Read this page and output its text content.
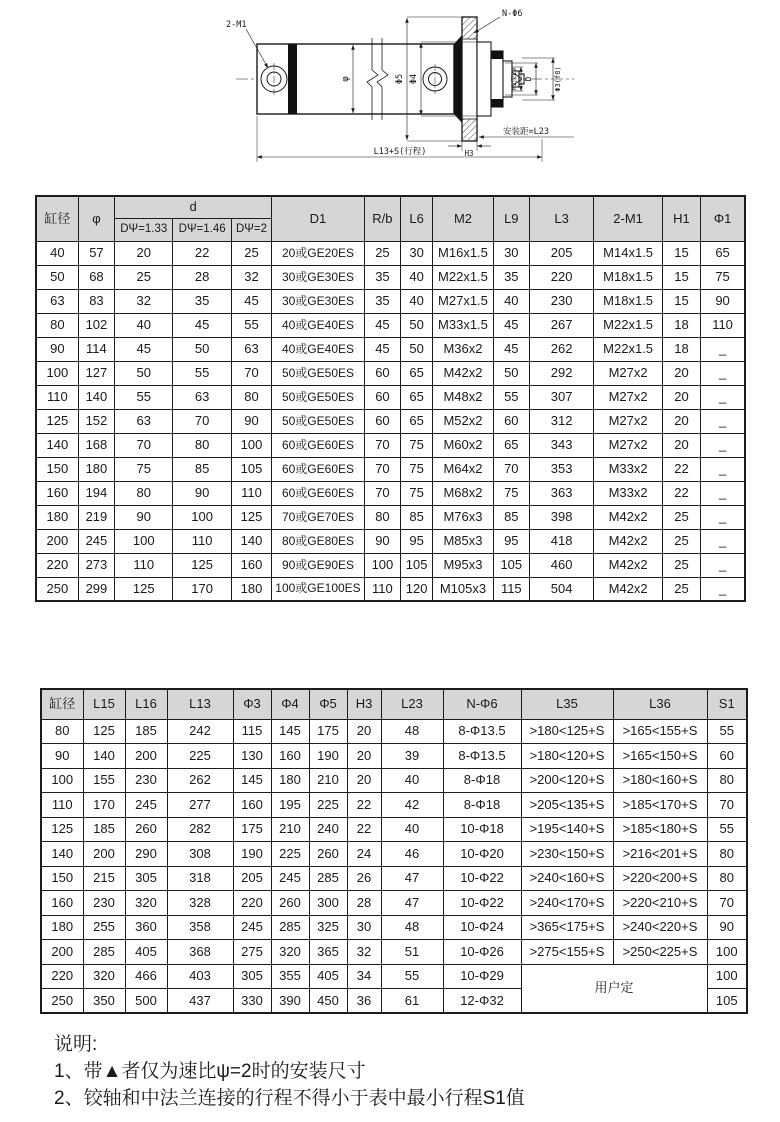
2-M1
N-Φ6
φ	Φ5 Φ4	M2深L9 D	Φ3(f8)
H3
安装距=L23
L13+S(行程)
缸径	φ	d			D1	R/b	L6	M2	L9	L3	2-M1	H1	Φ1
		DΨ=1.33	DΨ=1.46	DΨ=2									
40	57	20	22	25	20或GE20ES	25	30	M16x1.5	30	205	M14x1.5	15	65
50	68	25	28	32	30或GE30ES	35	40	M22x1.5	35	220	M18x1.5	15	75
63	83	32	35	45	30或GE30ES	35	40	M27x1.5	40	230	M18x1.5	15	90
80	102	40	45	55	40或GE40ES	45	50	M33x1.5	45	267	M22x1.5	18	110
90	114	45	50	63	40或GE40ES	45	50	M36x2	45	262	M22x1.5	18	_
100	127	50	55	70	50或GE50ES	60	65	M42x2	50	292	M27x2	20	_
110	140	55	63	80	50或GE50ES	60	65	M48x2	55	307	M27x2	20	_
125	152	63	70	90	50或GE50ES	60	65	M52x2	60	312	M27x2	20	_
140	168	70	80	100	60或GE60ES	70	75	M60x2	65	343	M27x2	20	_
150	180	75	85	105	60或GE60ES	70	75	M64x2	70	353	M33x2	22	_
160	194	80	90	110	60或GE60ES	70	75	M68x2	75	363	M33x2	22	_
180	219	90	100	125	70或GE70ES	80	85	M76x3	85	398	M42x2	25	_
200	245	100	110	140	80或GE80ES	90	95	M85x3	95	418	M42x2	25	_
220	273	110	125	160	90或GE90ES	100	105	M95x3	105	460	M42x2	25	_
250	299	125	170	180	100或GE100ES	110	120	M105x3	115	504	M42x2	25	_
缸径	L15	L16	L13	Φ3	Φ4	Φ5	H3	L23	N-Φ6	L35	L36	S1
80	125	185	242	115	145	175	20	48	8-Φ13.5	>180<125+S	>165<155+S	55
90	140	200	225	130	160	190	20	39	8-Φ13.5	>180<120+S	>165<150+S	60
100	155	230	262	145	180	210	20	40	8-Φ18	>200<120+S	>180<160+S	80
110	170	245	277	160	195	225	22	42	8-Φ18	>205<135+S	>185<170+S	70
125	185	260	282	175	210	240	22	40	10-Φ18	>195<140+S	>185<180+S	55
140	200	290	308	190	225	260	24	46	10-Φ20	>230<150+S	>216<201+S	80
150	215	305	318	205	245	285	26	47	10-Φ22	>240<160+S	>220<200+S	80
160	230	320	328	220	260	300	28	47	10-Φ22	>240<170+S	>220<210+S	70
180	255	360	358	245	285	325	30	48	10-Φ24	>365<175+S	>240<220+S	90
200	285	405	368	275	320	365	32	51	10-Φ26	>275<155+S	>250<225+S	100
220	320	466	403	305	355	405	34	55	10-Φ29	用户定		100
250	350	500	437	330	390	450	36	61	12-Φ32			105
说明:
1、带▲者仅为速比ψ=2时的安装尺寸
2、铰轴和中法兰连接的行程不得小于表中最小行程S1值
